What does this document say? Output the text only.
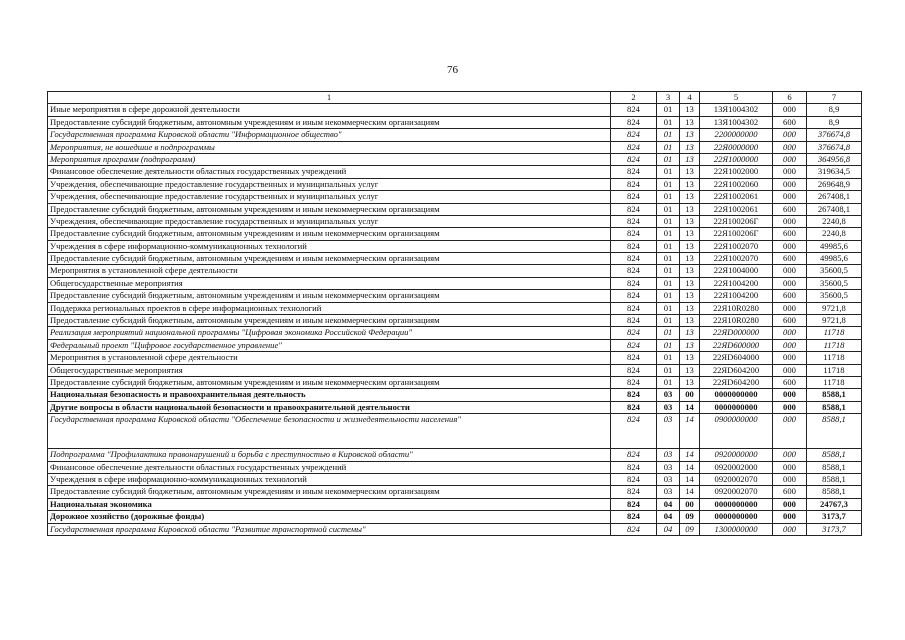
76
1	2	3	4	5	6	7
Иные мероприятия в сфере дорожной деятельности	824	01	13	13Я1004302	000	8,9
Предоставление субсидий бюджетным, автономным учреждениям и иным некоммерческим организациям	824	01	13	13Я1004302	600	8,9
Государственная программа Кировской области "Информационное общество"	824	01	13	2200000000	000	376674,8
Мероприятия, не вошедшие в подпрограммы	824	01	13	22Я0000000	000	376674,8
Мероприятия программ (подпрограмм)	824	01	13	22Я1000000	000	364956,8
Финансовое обеспечение деятельности областных государственных учреждений	824	01	13	22Я1002000	000	319634,5
Учреждения, обеспечивающие предоставление государственных и муниципальных услуг	824	01	13	22Я1002060	000	269648,9
Учреждения, обеспечивающие предоставление государственных и муниципальных услуг	824	01	13	22Я1002061	000	267408,1
Предоставление субсидий бюджетным, автономным учреждениям и иным некоммерческим организациям	824	01	13	22Я1002061	600	267408,1
Учреждения, обеспечивающие предоставление государственных и муниципальных услуг	824	01	13	22Я100206Г	000	2240,8
Предоставление субсидий бюджетным, автономным учреждениям и иным некоммерческим организациям	824	01	13	22Я100206Г	600	2240,8
Учреждения в сфере информационно-коммуникационных технологий	824	01	13	22Я1002070	000	49985,6
Предоставление субсидий бюджетным, автономным учреждениям и иным некоммерческим организациям	824	01	13	22Я1002070	600	49985,6
Мероприятия в установленной сфере деятельности	824	01	13	22Я1004000	000	35600,5
Общегосударственные мероприятия	824	01	13	22Я1004200	000	35600,5
Предоставление субсидий бюджетным, автономным учреждениям и иным некоммерческим организациям	824	01	13	22Я1004200	600	35600,5
Поддержка региональных проектов в сфере информационных технологий	824	01	13	22Я10R0280	000	9721,8
Предоставление субсидий бюджетным, автономным учреждениям и иным некоммерческим организациям	824	01	13	22Я10R0280	600	9721,8
Реализация мероприятий национальной программы "Цифровая экономика Российской Федерации"	824	01	13	22ЯD000000	000	11718
Федеральный проект "Цифровое государственное управление"	824	01	13	22ЯD600000	000	11718
Мероприятия в установленной сфере деятельности	824	01	13	22ЯD604000	000	11718
Общегосударственные мероприятия	824	01	13	22ЯD604200	000	11718
Предоставление субсидий бюджетным, автономным учреждениям и иным некоммерческим организациям	824	01	13	22ЯD604200	600	11718
Национальная безопасность и правоохранительная деятельность	824	03	00	0000000000	000	8588,1
Другие вопросы в области национальной безопасности и правоохранительной деятельности	824	03	14	0000000000	000	8588,1
Государственная программа Кировской области "Обеспечение безопасности и жизнедеятельности населения"	824	03	14	0900000000	000	8588,1
Подпрограмма "Профилактика правонарушений и борьба с преступностью в Кировской области"	824	03	14	0920000000	000	8588,1
Финансовое обеспечение деятельности областных государственных учреждений	824	03	14	0920002000	000	8588,1
Учреждения в сфере информационно-коммуникационных технологий	824	03	14	0920002070	000	8588,1
Предоставление субсидий бюджетным, автономным учреждениям и иным некоммерческим организациям	824	03	14	0920002070	600	8588,1
Национальная экономика	824	04	00	0000000000	000	24767,3
Дорожное хозяйство (дорожные фонды)	824	04	09	0000000000	000	3173,7
Государственная программа Кировской области "Развитие транспортной системы"	824	04	09	1300000000	000	3173,7
